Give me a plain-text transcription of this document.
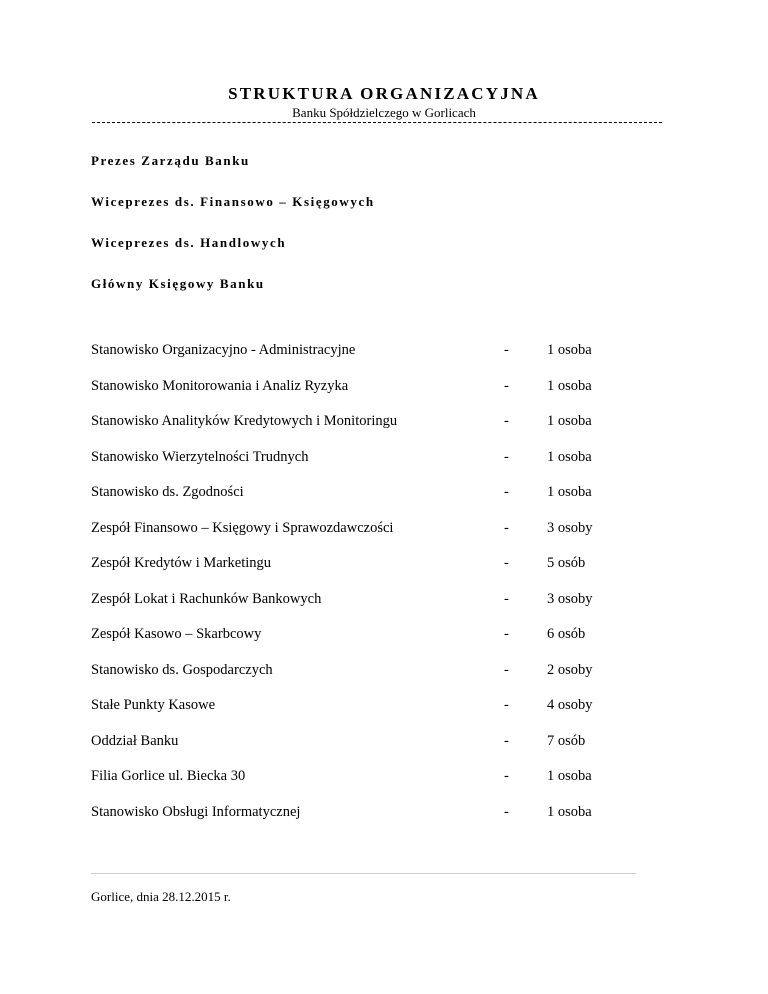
STRUKTURA ORGANIZACYJNA
Banku Spółdzielczego w Gorlicach
Prezes Zarządu Banku
Wiceprezes ds. Finansowo – Księgowych
Wiceprezes ds. Handlowych
Główny Księgowy Banku
Stanowisko Organizacyjno - Administracyjne	-	1 osoba
Stanowisko Monitorowania i Analiz Ryzyka	-	1 osoba
Stanowisko Analityków Kredytowych i Monitoringu	-	1 osoba
Stanowisko Wierzytelności Trudnych	-	1 osoba
Stanowisko ds. Zgodności	-	1 osoba
Zespół Finansowo – Księgowy i Sprawozdawczości	-	3 osoby
Zespół Kredytów i Marketingu	-	5 osób
Zespół Lokat i Rachunków Bankowych	-	3 osoby
Zespół Kasowo – Skarbcowy	-	6 osób
Stanowisko ds. Gospodarczych	-	2 osoby
Stałe Punkty Kasowe	-	4 osoby
Oddział Banku	-	7 osób
Filia Gorlice ul. Biecka 30	-	1 osoba
Stanowisko Obsługi Informatycznej	-	1 osoba
Gorlice, dnia 28.12.2015 r.
